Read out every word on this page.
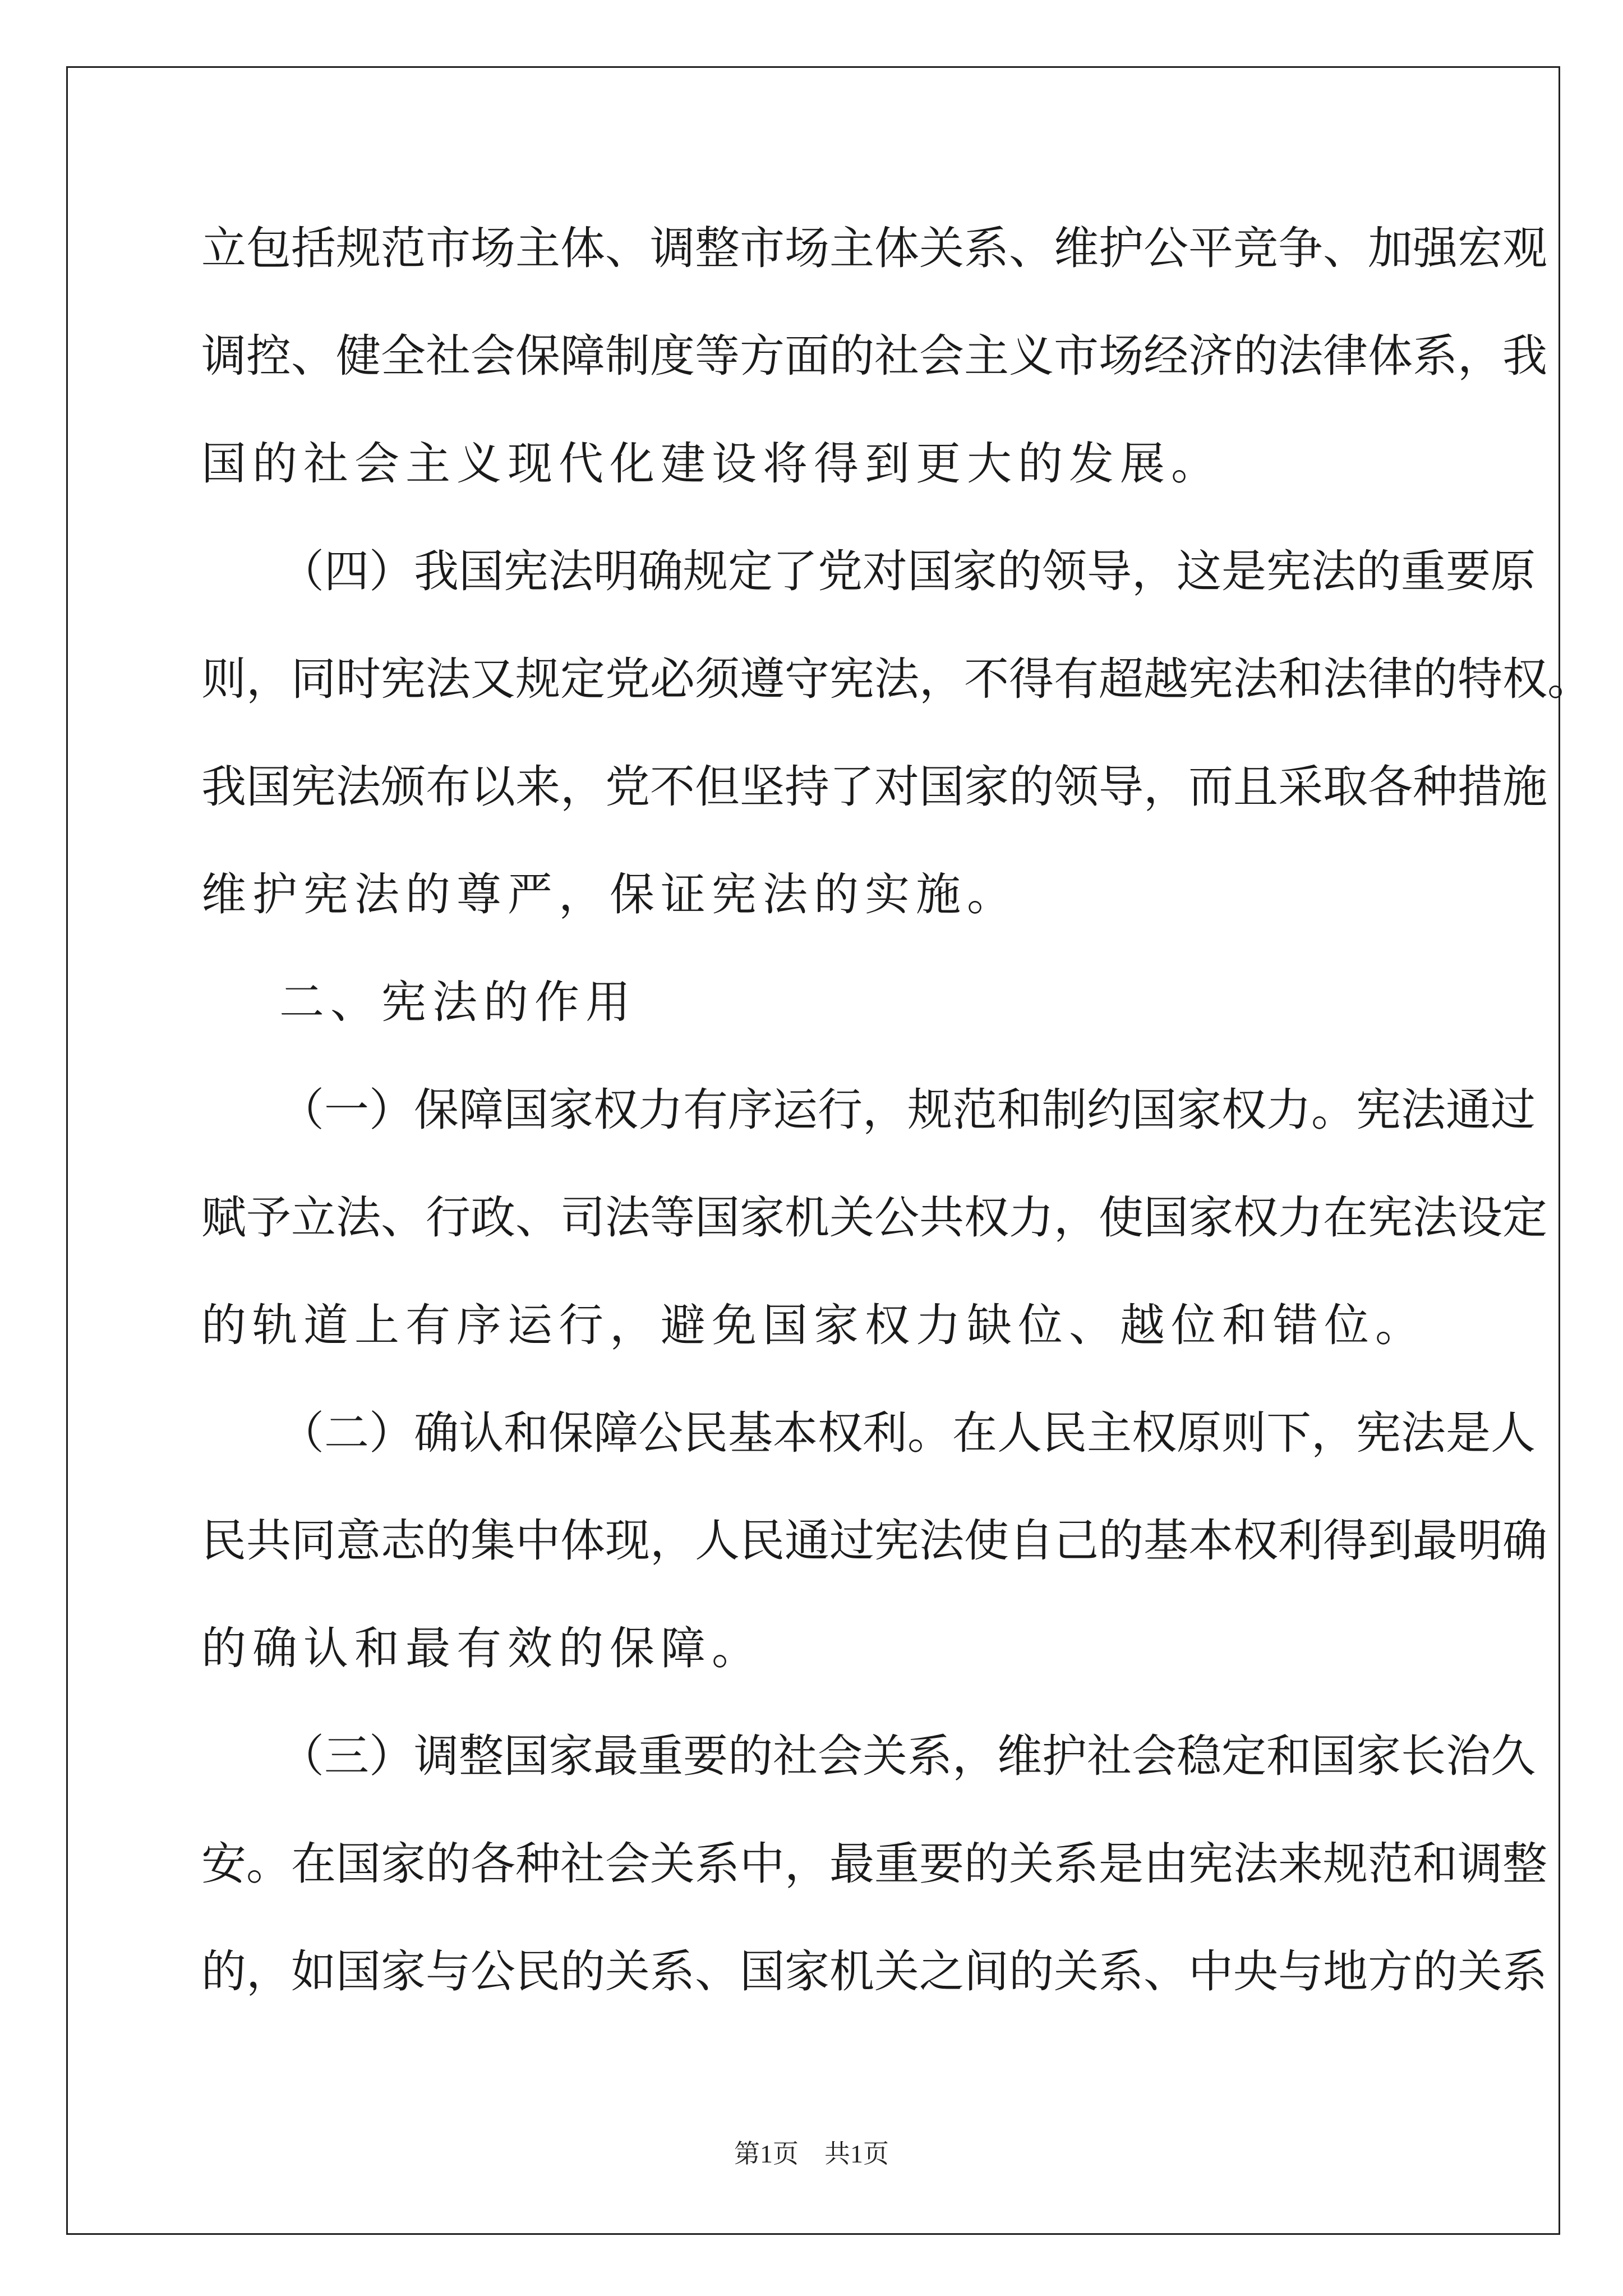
立包括规范市场主体、调整市场主体关系、维护公平竞争、加强宏观
调控、健全社会保障制度等方面的社会主义市场经济的法律体系，我
国的社会主义现代化建设将得到更大的发展。
（四）我国宪法明确规定了党对国家的领导，这是宪法的重要原
则，同时宪法又规定党必须遵守宪法，不得有超越宪法和法律的特权。
我国宪法颁布以来，党不但坚持了对国家的领导，而且采取各种措施
维护宪法的尊严，保证宪法的实施。
二、宪法的作用
（一）保障国家权力有序运行，规范和制约国家权力。宪法通过
赋予立法、行政、司法等国家机关公共权力，使国家权力在宪法设定
的轨道上有序运行，避免国家权力缺位、越位和错位。
（二）确认和保障公民基本权利。在人民主权原则下，宪法是人
民共同意志的集中体现，人民通过宪法使自己的基本权利得到最明确
的确认和最有效的保障。
（三）调整国家最重要的社会关系，维护社会稳定和国家长治久
安。在国家的各种社会关系中，最重要的关系是由宪法来规范和调整
的，如国家与公民的关系、国家机关之间的关系、中央与地方的关系
第1页　共1页
